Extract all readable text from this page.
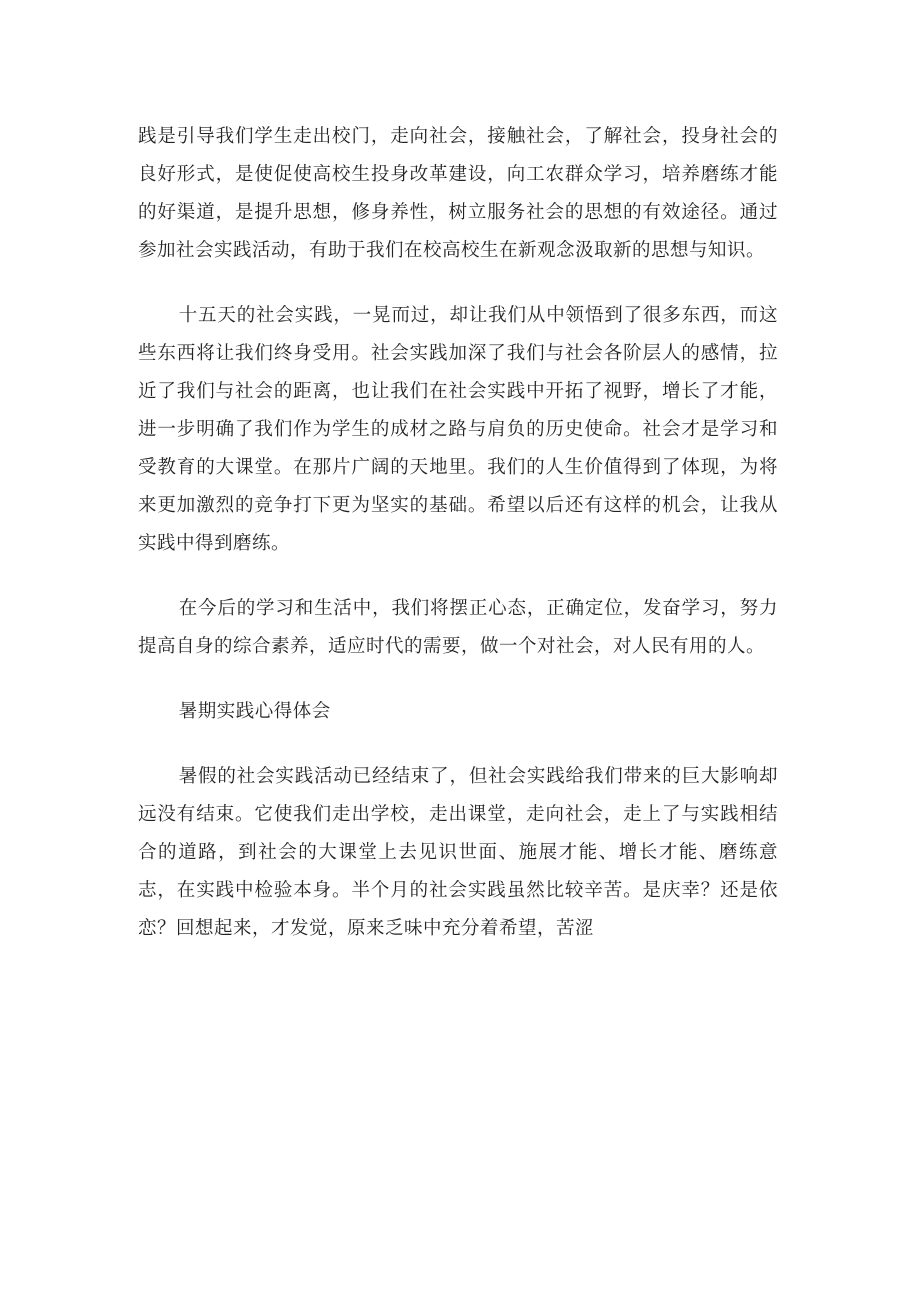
践是引导我们学生走出校门，走向社会，接触社会，了解社会，投身社会的良好形式，是使促使高校生投身改革建设，向工农群众学习，培养磨练才能的好渠道，是提升思想，修身养性，树立服务社会的思想的有效途径。通过参加社会实践活动，有助于我们在校高校生在新观念汲取新的思想与知识。

十五天的社会实践，一晃而过，却让我们从中领悟到了很多东西，而这些东西将让我们终身受用。社会实践加深了我们与社会各阶层人的感情，拉近了我们与社会的距离，也让我们在社会实践中开拓了视野，增长了才能，进一步明确了我们作为学生的成材之路与肩负的历史使命。社会才是学习和受教育的大课堂。在那片广阔的天地里。我们的人生价值得到了体现，为将来更加激烈的竞争打下更为坚实的基础。希望以后还有这样的机会，让我从实践中得到磨练。

在今后的学习和生活中，我们将摆正心态，正确定位，发奋学习，努力提高自身的综合素养，适应时代的需要，做一个对社会，对人民有用的人。

暑期实践心得体会

暑假的社会实践活动已经结束了，但社会实践给我们带来的巨大影响却远没有结束。它使我们走出学校，走出课堂，走向社会，走上了与实践相结合的道路，到社会的大课堂上去见识世面、施展才能、增长才能、磨练意志，在实践中检验本身。半个月的社会实践虽然比较辛苦。是庆幸？还是依恋？回想起来，才发觉，原来乏味中充分着希望，苦涩
